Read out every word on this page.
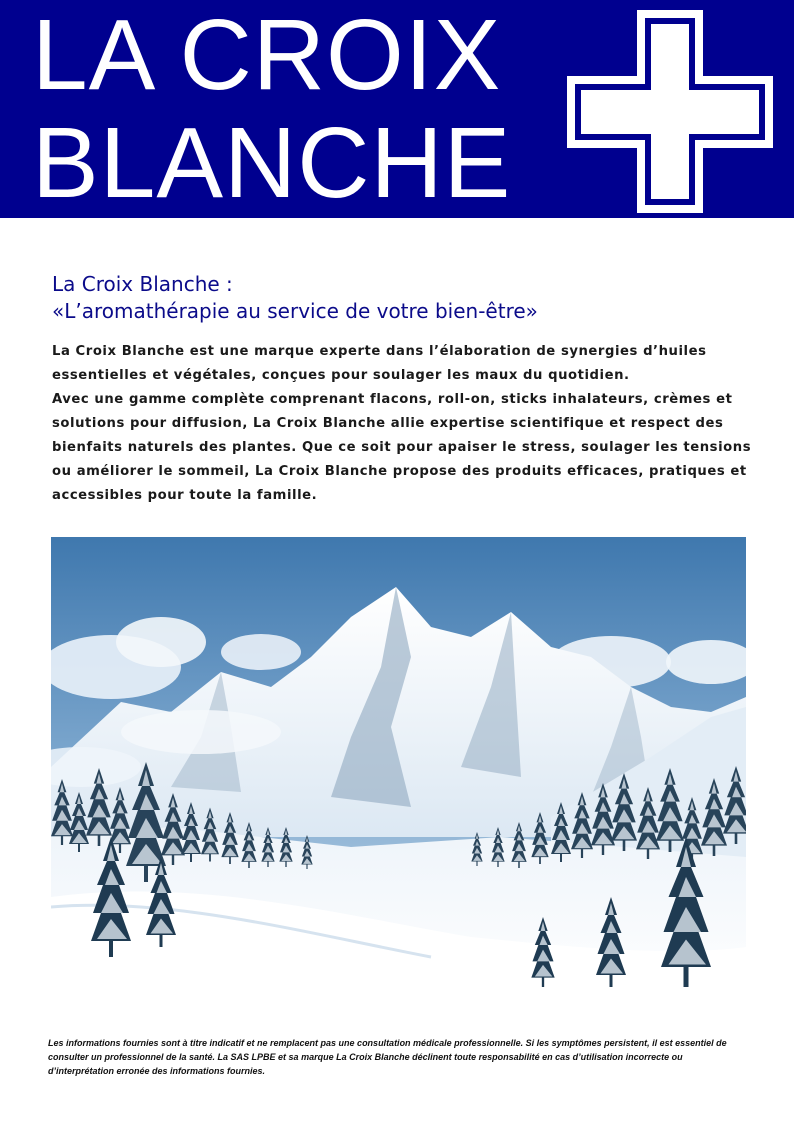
LA CROIX
BLANCHE
La Croix Blanche :
«L’aromathérapie au service de votre bien-être»
La Croix Blanche est une marque experte dans l’élaboration de synergies d’huiles essentielles et végétales, conçues pour soulager les maux du quotidien.
Avec une gamme complète comprenant flacons, roll-on, sticks inhalateurs, crèmes et solutions pour diffusion, La Croix Blanche allie expertise scientifique et respect des bienfaits naturels des plantes. Que ce soit pour apaiser le stress, soulager les tensions ou améliorer le sommeil, La Croix Blanche propose des produits efficaces, pratiques et accessibles pour toute la famille.

Les informations fournies sont à titre indicatif et ne remplacent pas une consultation médicale professionnelle. Si les symptômes persistent, il est essentiel de consulter un professionnel de la santé. La SAS LPBE et sa marque La Croix Blanche déclinent toute responsabilité en cas d’utilisation incorrecte ou d’interprétation erronée des informations fournies.
